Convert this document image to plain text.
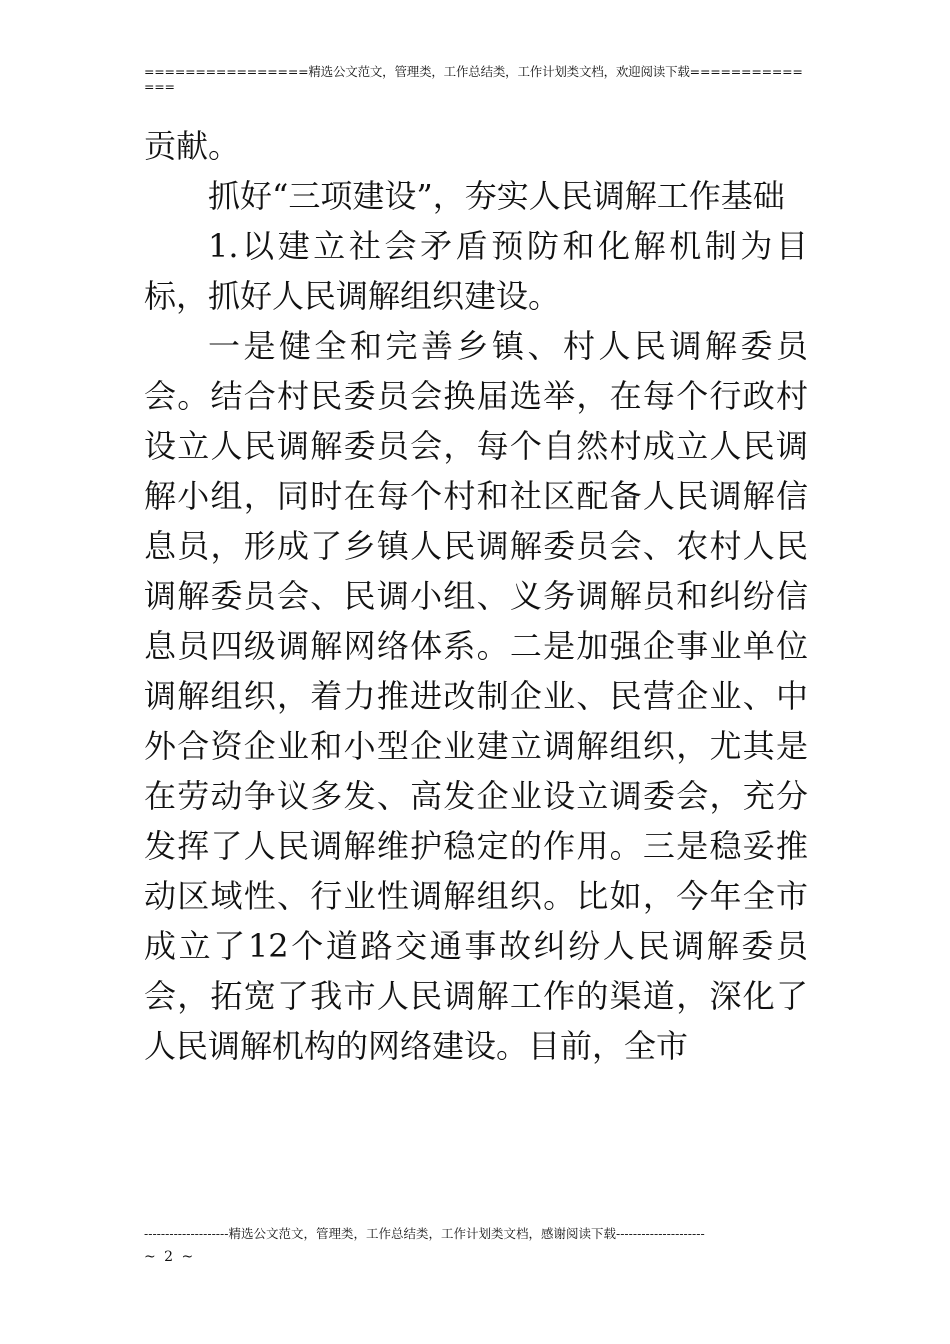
================精选公文范文，管理类，工作总结类，工作计划类文档，欢迎阅读下载==============

贡献。

抓好“三项建设”，夯实人民调解工作基础

1.以建立社会矛盾预防和化解机制为目标，抓好人民调解组织建设。

一是健全和完善乡镇、村人民调解委员会。结合村民委员会换届选举，在每个行政村设立人民调解委员会，每个自然村成立人民调解小组，同时在每个村和社区配备人民调解信息员，形成了乡镇人民调解委员会、农村人民调解委员会、民调小组、义务调解员和纠纷信息员四级调解网络体系。二是加强企事业单位调解组织，着力推进改制企业、民营企业、中外合资企业和小型企业建立调解组织，尤其是在劳动争议多发、高发企业设立调委会，充分发挥了人民调解维护稳定的作用。三是稳妥推动区域性、行业性调解组织。比如，今年全市成立了12个道路交通事故纠纷人民调解委员会，拓宽了我市人民调解工作的渠道，深化了人民调解机构的网络建设。目前，全市

--------------------精选公文范文，管理类，工作总结类，工作计划类文档，感谢阅读下载---------------------
~ 2 ~
